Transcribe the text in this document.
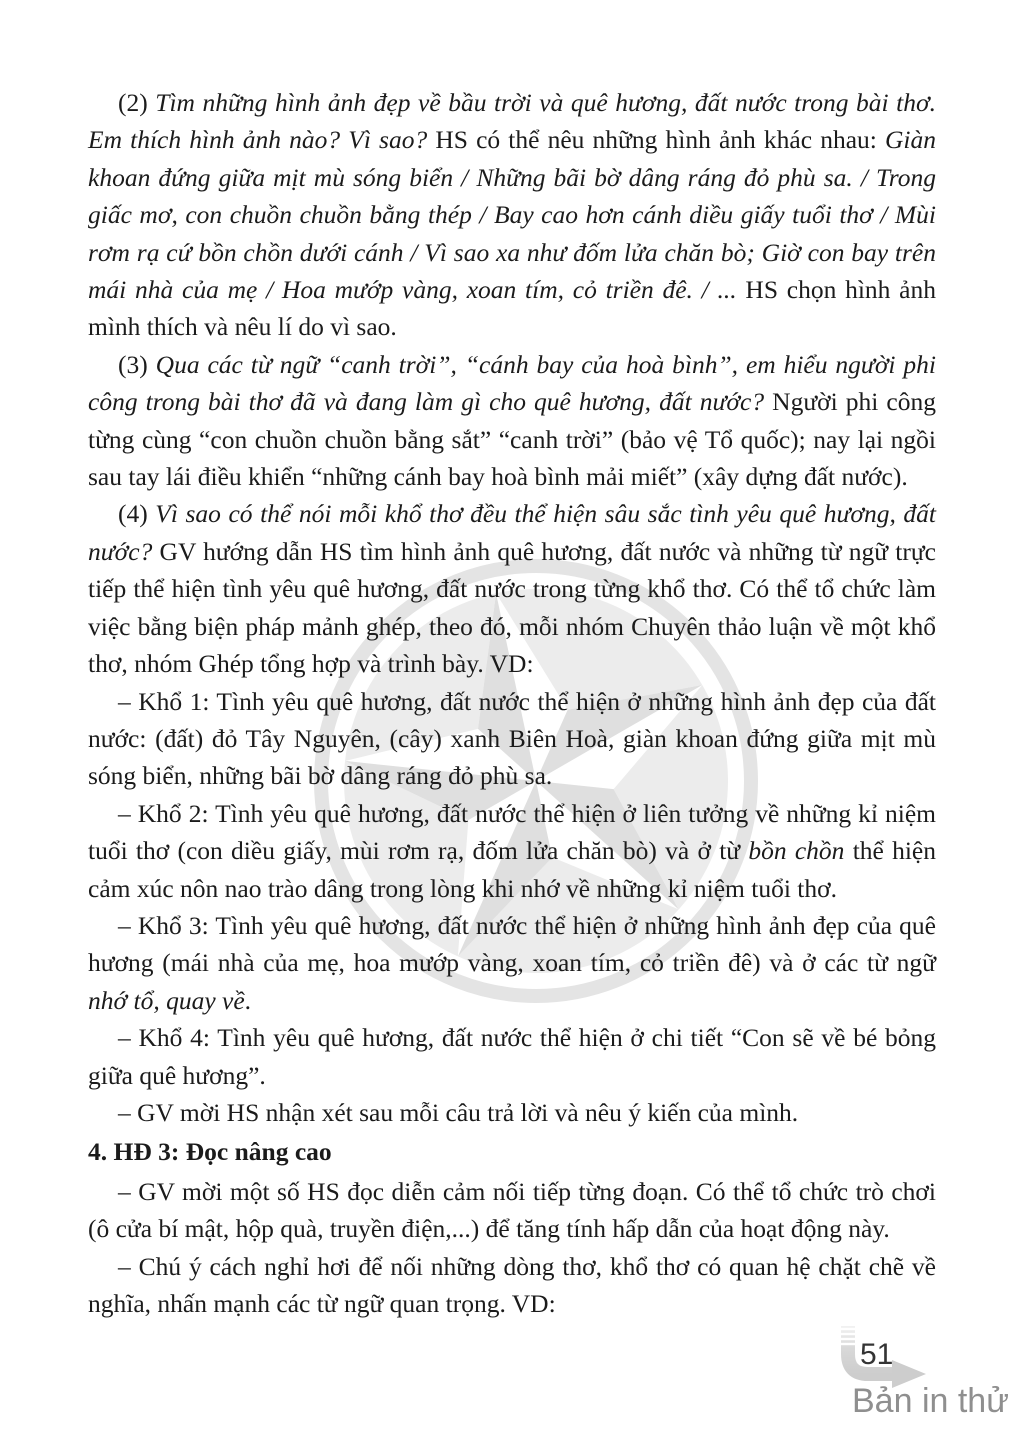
(2) Tìm những hình ảnh đẹp về bầu trời và quê hương, đất nước trong bài thơ. Em thích hình ảnh nào? Vì sao? HS có thể nêu những hình ảnh khác nhau: Giàn khoan đứng giữa mịt mù sóng biển / Những bãi bờ dâng ráng đỏ phù sa. / Trong giấc mơ, con chuồn chuồn bằng thép / Bay cao hơn cánh diều giấy tuổi thơ / Mùi rơm rạ cứ bồn chồn dưới cánh / Vì sao xa như đốm lửa chăn bò; Giờ con bay trên mái nhà của mẹ / Hoa mướp vàng, xoan tím, cỏ triền đê. / ... HS chọn hình ảnh mình thích và nêu lí do vì sao.

(3) Qua các từ ngữ “canh trời”, “cánh bay của hoà bình”, em hiểu người phi công trong bài thơ đã và đang làm gì cho quê hương, đất nước? Người phi công từng cùng “con chuồn chuồn bằng sắt” “canh trời” (bảo vệ Tổ quốc); nay lại ngồi sau tay lái điều khiển “những cánh bay hoà bình mải miết” (xây dựng đất nước).

(4) Vì sao có thể nói mỗi khổ thơ đều thể hiện sâu sắc tình yêu quê hương, đất nước? GV hướng dẫn HS tìm hình ảnh quê hương, đất nước và những từ ngữ trực tiếp thể hiện tình yêu quê hương, đất nước trong từng khổ thơ. Có thể tổ chức làm việc bằng biện pháp mảnh ghép, theo đó, mỗi nhóm Chuyên thảo luận về một khổ thơ, nhóm Ghép tổng hợp và trình bày. VD:

– Khổ 1: Tình yêu quê hương, đất nước thể hiện ở những hình ảnh đẹp của đất nước: (đất) đỏ Tây Nguyên, (cây) xanh Biên Hoà, giàn khoan đứng giữa mịt mù sóng biển, những bãi bờ dâng ráng đỏ phù sa.

– Khổ 2: Tình yêu quê hương, đất nước thể hiện ở liên tưởng về những kỉ niệm tuổi thơ (con diều giấy, mùi rơm rạ, đốm lửa chăn bò) và ở từ bồn chồn thể hiện cảm xúc nôn nao trào dâng trong lòng khi nhớ về những kỉ niệm tuổi thơ.

– Khổ 3: Tình yêu quê hương, đất nước thể hiện ở những hình ảnh đẹp của quê hương (mái nhà của mẹ, hoa mướp vàng, xoan tím, cỏ triền đê) và ở các từ ngữ nhớ tổ, quay về.

– Khổ 4: Tình yêu quê hương, đất nước thể hiện ở chi tiết “Con sẽ về bé bỏng giữa quê hương”.

– GV mời HS nhận xét sau mỗi câu trả lời và nêu ý kiến của mình.

4. HĐ 3: Đọc nâng cao

– GV mời một số HS đọc diễn cảm nối tiếp từng đoạn. Có thể tổ chức trò chơi (ô cửa bí mật, hộp quà, truyền điện,...) để tăng tính hấp dẫn của hoạt động này.

– Chú ý cách nghỉ hơi để nối những dòng thơ, khổ thơ có quan hệ chặt chẽ về nghĩa, nhấn mạnh các từ ngữ quan trọng. VD:

51
Bản in thử
